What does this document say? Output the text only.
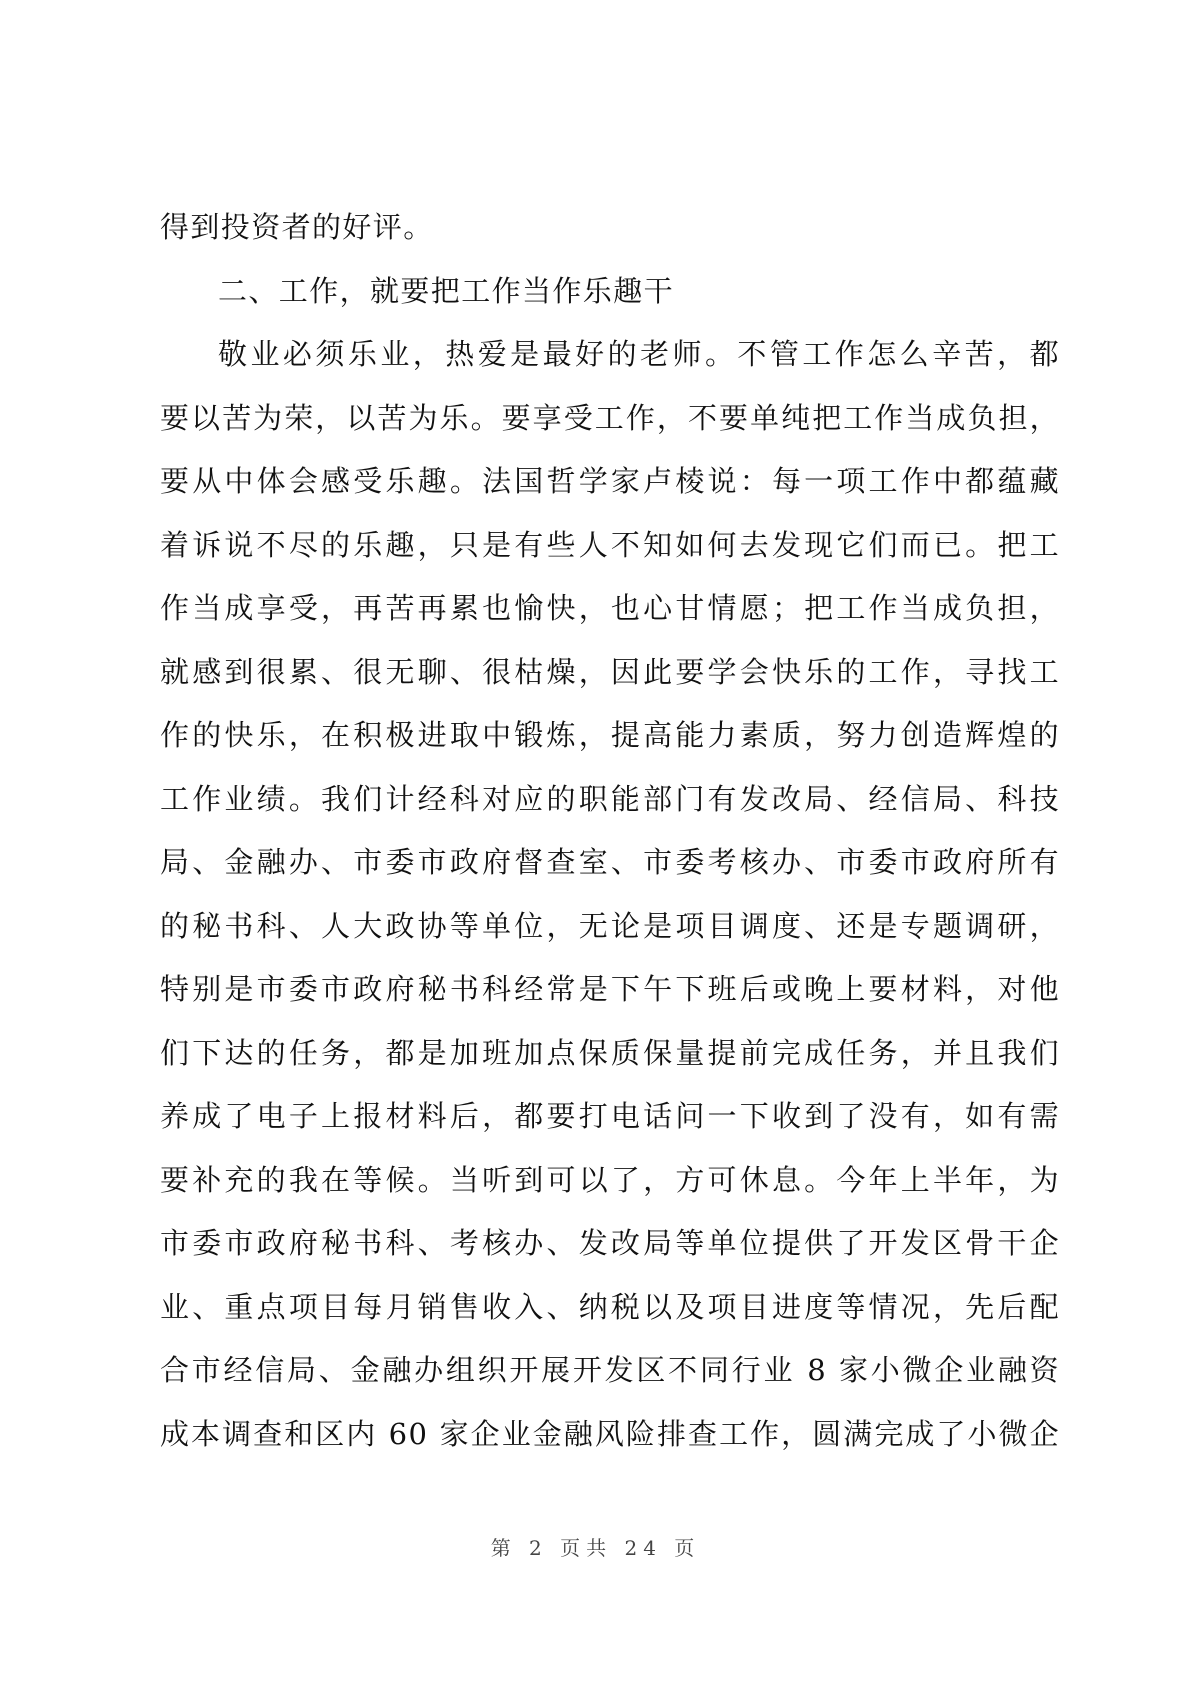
得到投资者的好评。
二、工作，就要把工作当作乐趣干
敬业必须乐业，热爱是最好的老师。不管工作怎么辛苦，都
要以苦为荣，以苦为乐。要享受工作，不要单纯把工作当成负担，
要从中体会感受乐趣。法国哲学家卢棱说：每一项工作中都蕴藏
着诉说不尽的乐趣，只是有些人不知如何去发现它们而已。把工
作当成享受，再苦再累也愉快，也心甘情愿；把工作当成负担，
就感到很累、很无聊、很枯燥，因此要学会快乐的工作，寻找工
作的快乐，在积极进取中锻炼，提高能力素质，努力创造辉煌的
工作业绩。我们计经科对应的职能部门有发改局、经信局、科技
局、金融办、市委市政府督查室、市委考核办、市委市政府所有
的秘书科、人大政协等单位，无论是项目调度、还是专题调研，
特别是市委市政府秘书科经常是下午下班后或晚上要材料，对他
们下达的任务，都是加班加点保质保量提前完成任务，并且我们
养成了电子上报材料后，都要打电话问一下收到了没有，如有需
要补充的我在等候。当听到可以了，方可休息。今年上半年，为
市委市政府秘书科、考核办、发改局等单位提供了开发区骨干企
业、重点项目每月销售收入、纳税以及项目进度等情况，先后配
合市经信局、金融办组织开展开发区不同行业 8 家小微企业融资
成本调查和区内 60 家企业金融风险排查工作，圆满完成了小微企
第 2 页共 24 页
